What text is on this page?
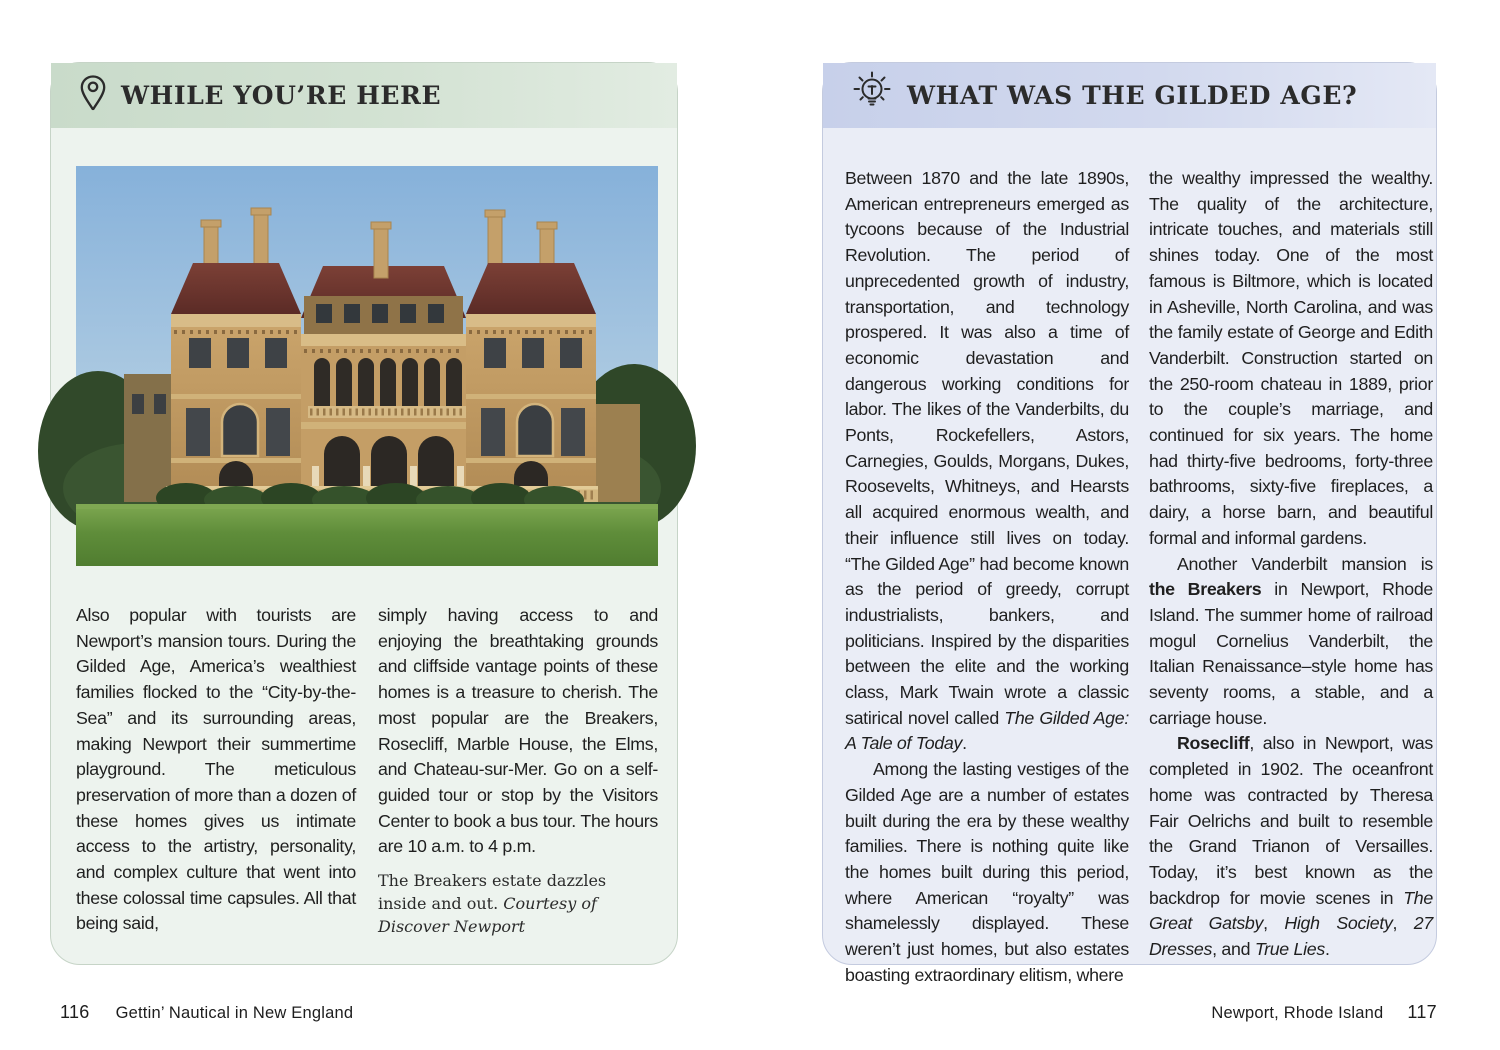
WHILE YOU’RE HERE

Also popular with tourists are Newport’s mansion tours. During the Gilded Age, America’s wealthiest families flocked to the “City-by-the-Sea” and its surrounding areas, making Newport their summertime playground. The meticulous preservation of more than a dozen of these homes gives us intimate access to the artistry, personality, and complex culture that went into these colossal time capsules. All that being said,

simply having access to and enjoying the breathtaking grounds and cliffside vantage points of these homes is a treasure to cherish. The most popular are the Breakers, Rosecliff, Marble House, the Elms, and Chateau-sur-Mer. Go on a self-guided tour or stop by the Visitors Center to book a bus tour. The hours are 10 a.m. to 4 p.m.

The Breakers estate dazzles inside and out. Courtesy of Discover Newport

WHAT WAS THE GILDED AGE?

Between 1870 and the late 1890s, American entrepreneurs emerged as tycoons because of the Industrial Revolution. The period of unprecedented growth of industry, transportation, and technology prospered. It was also a time of economic devastation and dangerous working conditions for labor. The likes of the Vanderbilts, du Ponts, Rockefellers, Astors, Carnegies, Goulds, Morgans, Dukes, Roosevelts, Whitneys, and Hearsts all acquired enormous wealth, and their influence still lives on today. “The Gilded Age” had become known as the period of greedy, corrupt industrialists, bankers, and politicians. Inspired by the disparities between the elite and the working class, Mark Twain wrote a classic satirical novel called The Gilded Age: A Tale of Today.

Among the lasting vestiges of the Gilded Age are a number of estates built during the era by these wealthy families. There is nothing quite like the homes built during this period, where American “royalty” was shamelessly displayed. These weren’t just homes, but also estates boasting extraordinary elitism, where

the wealthy impressed the wealthy. The quality of the architecture, intricate touches, and materials still shines today. One of the most famous is Biltmore, which is located in Asheville, North Carolina, and was the family estate of George and Edith Vanderbilt. Construction started on the 250-room chateau in 1889, prior to the couple’s marriage, and continued for six years. The home had thirty-five bedrooms, forty-three bathrooms, sixty-five fireplaces, a dairy, a horse barn, and beautiful formal and informal gardens.

Another Vanderbilt mansion is the Breakers in Newport, Rhode Island. The summer home of railroad mogul Cornelius Vanderbilt, the Italian Renaissance–style home has seventy rooms, a stable, and a carriage house.

Rosecliff, also in Newport, was completed in 1902. The oceanfront home was contracted by Theresa Fair Oelrichs and built to resemble the Grand Trianon of Versailles. Today, it’s best known as the backdrop for movie scenes in The Great Gatsby, High Society, 27 Dresses, and True Lies.

116 Gettin’ Nautical in New England	Newport, Rhode Island 117
